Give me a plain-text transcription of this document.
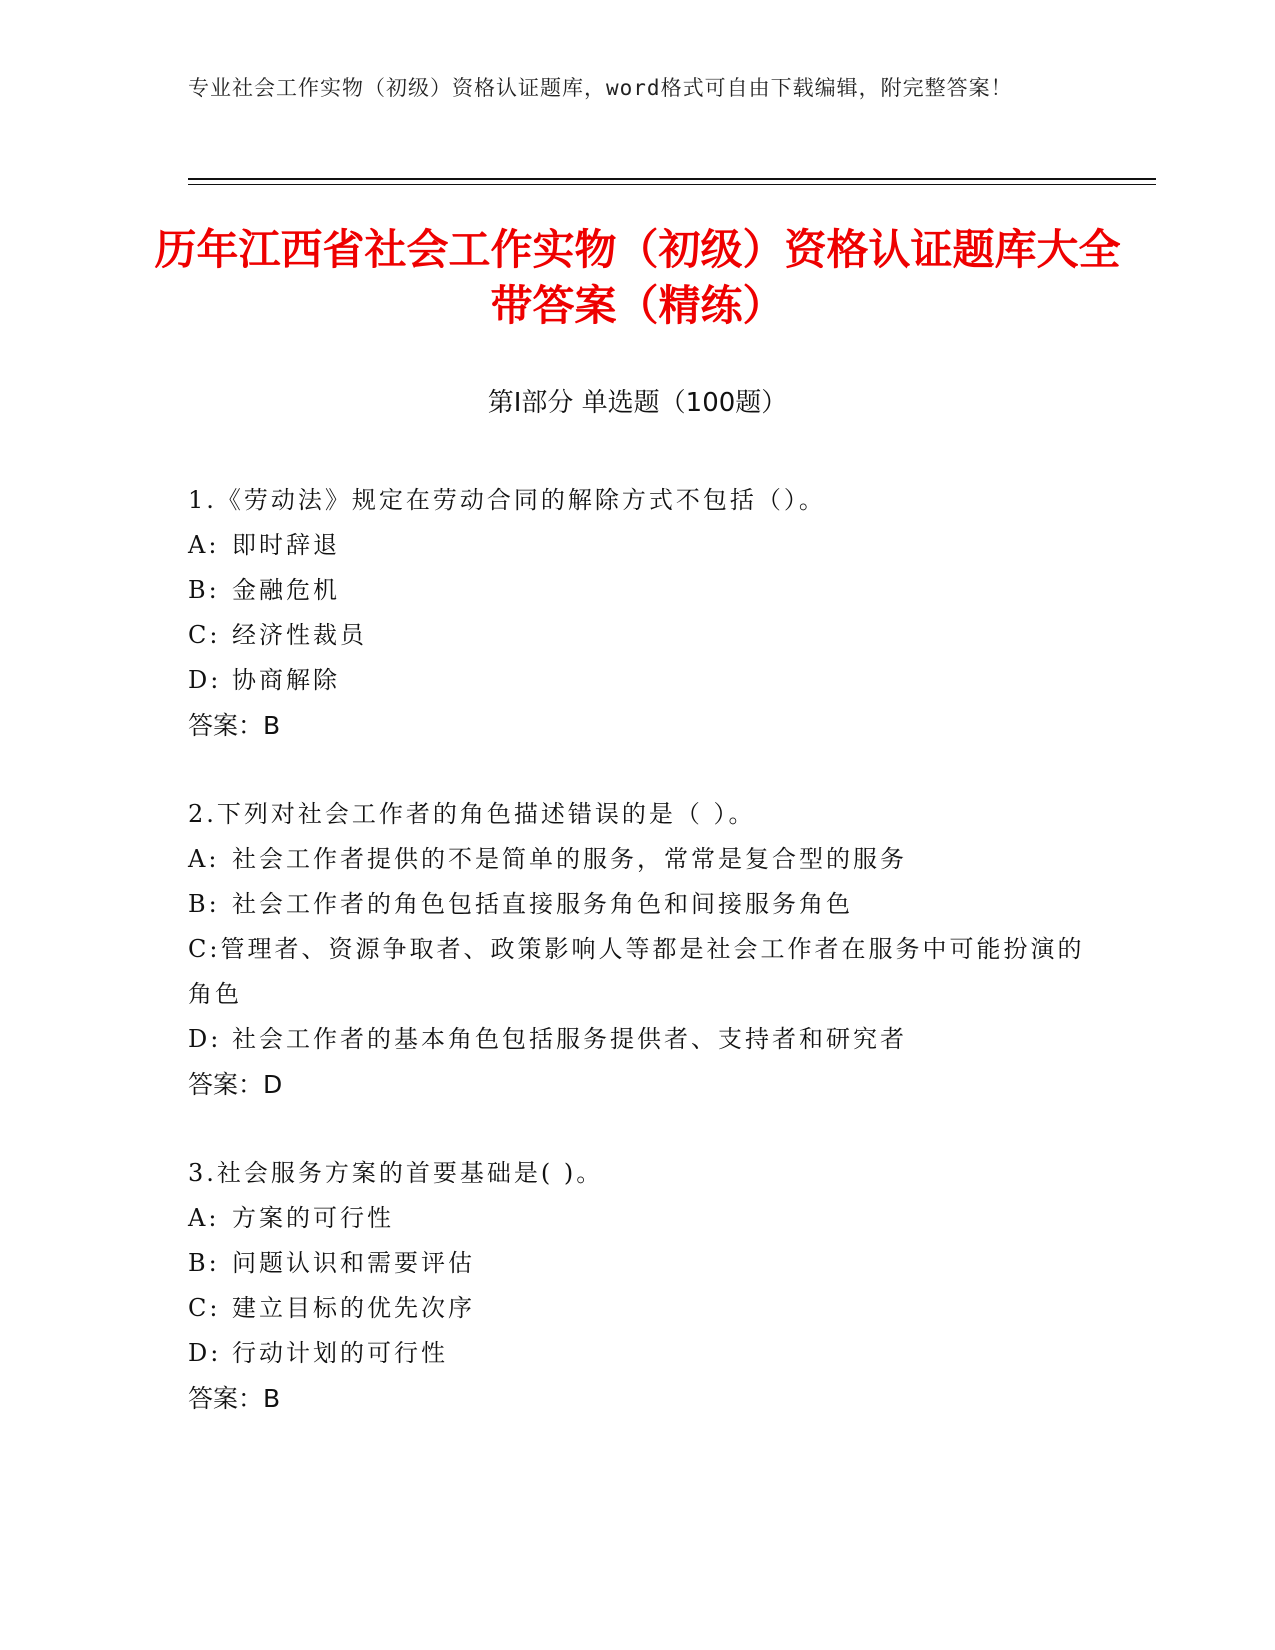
专业社会工作实物（初级）资格认证题库，word格式可自由下载编辑，附完整答案！
历年江西省社会工作实物（初级）资格认证题库大全带答案（精练）
第I部分 单选题（100题）

1.《劳动法》规定在劳动合同的解除方式不包括（）。

A: 即时辞退
B: 金融危机
C: 经济性裁员
D: 协商解除

答案：B

2.下列对社会工作者的角色描述错误的是（ ）。

A: 社会工作者提供的不是简单的服务，常常是复合型的服务
B: 社会工作者的角色包括直接服务角色和间接服务角色
C:管理者、资源争取者、政策影响人等都是社会工作者在服务中可能扮演的角色
D: 社会工作者的基本角色包括服务提供者、支持者和研究者

答案：D

3.社会服务方案的首要基础是( )。

A: 方案的可行性
B: 问题认识和需要评估
C: 建立目标的优先次序
D: 行动计划的可行性

答案：B
